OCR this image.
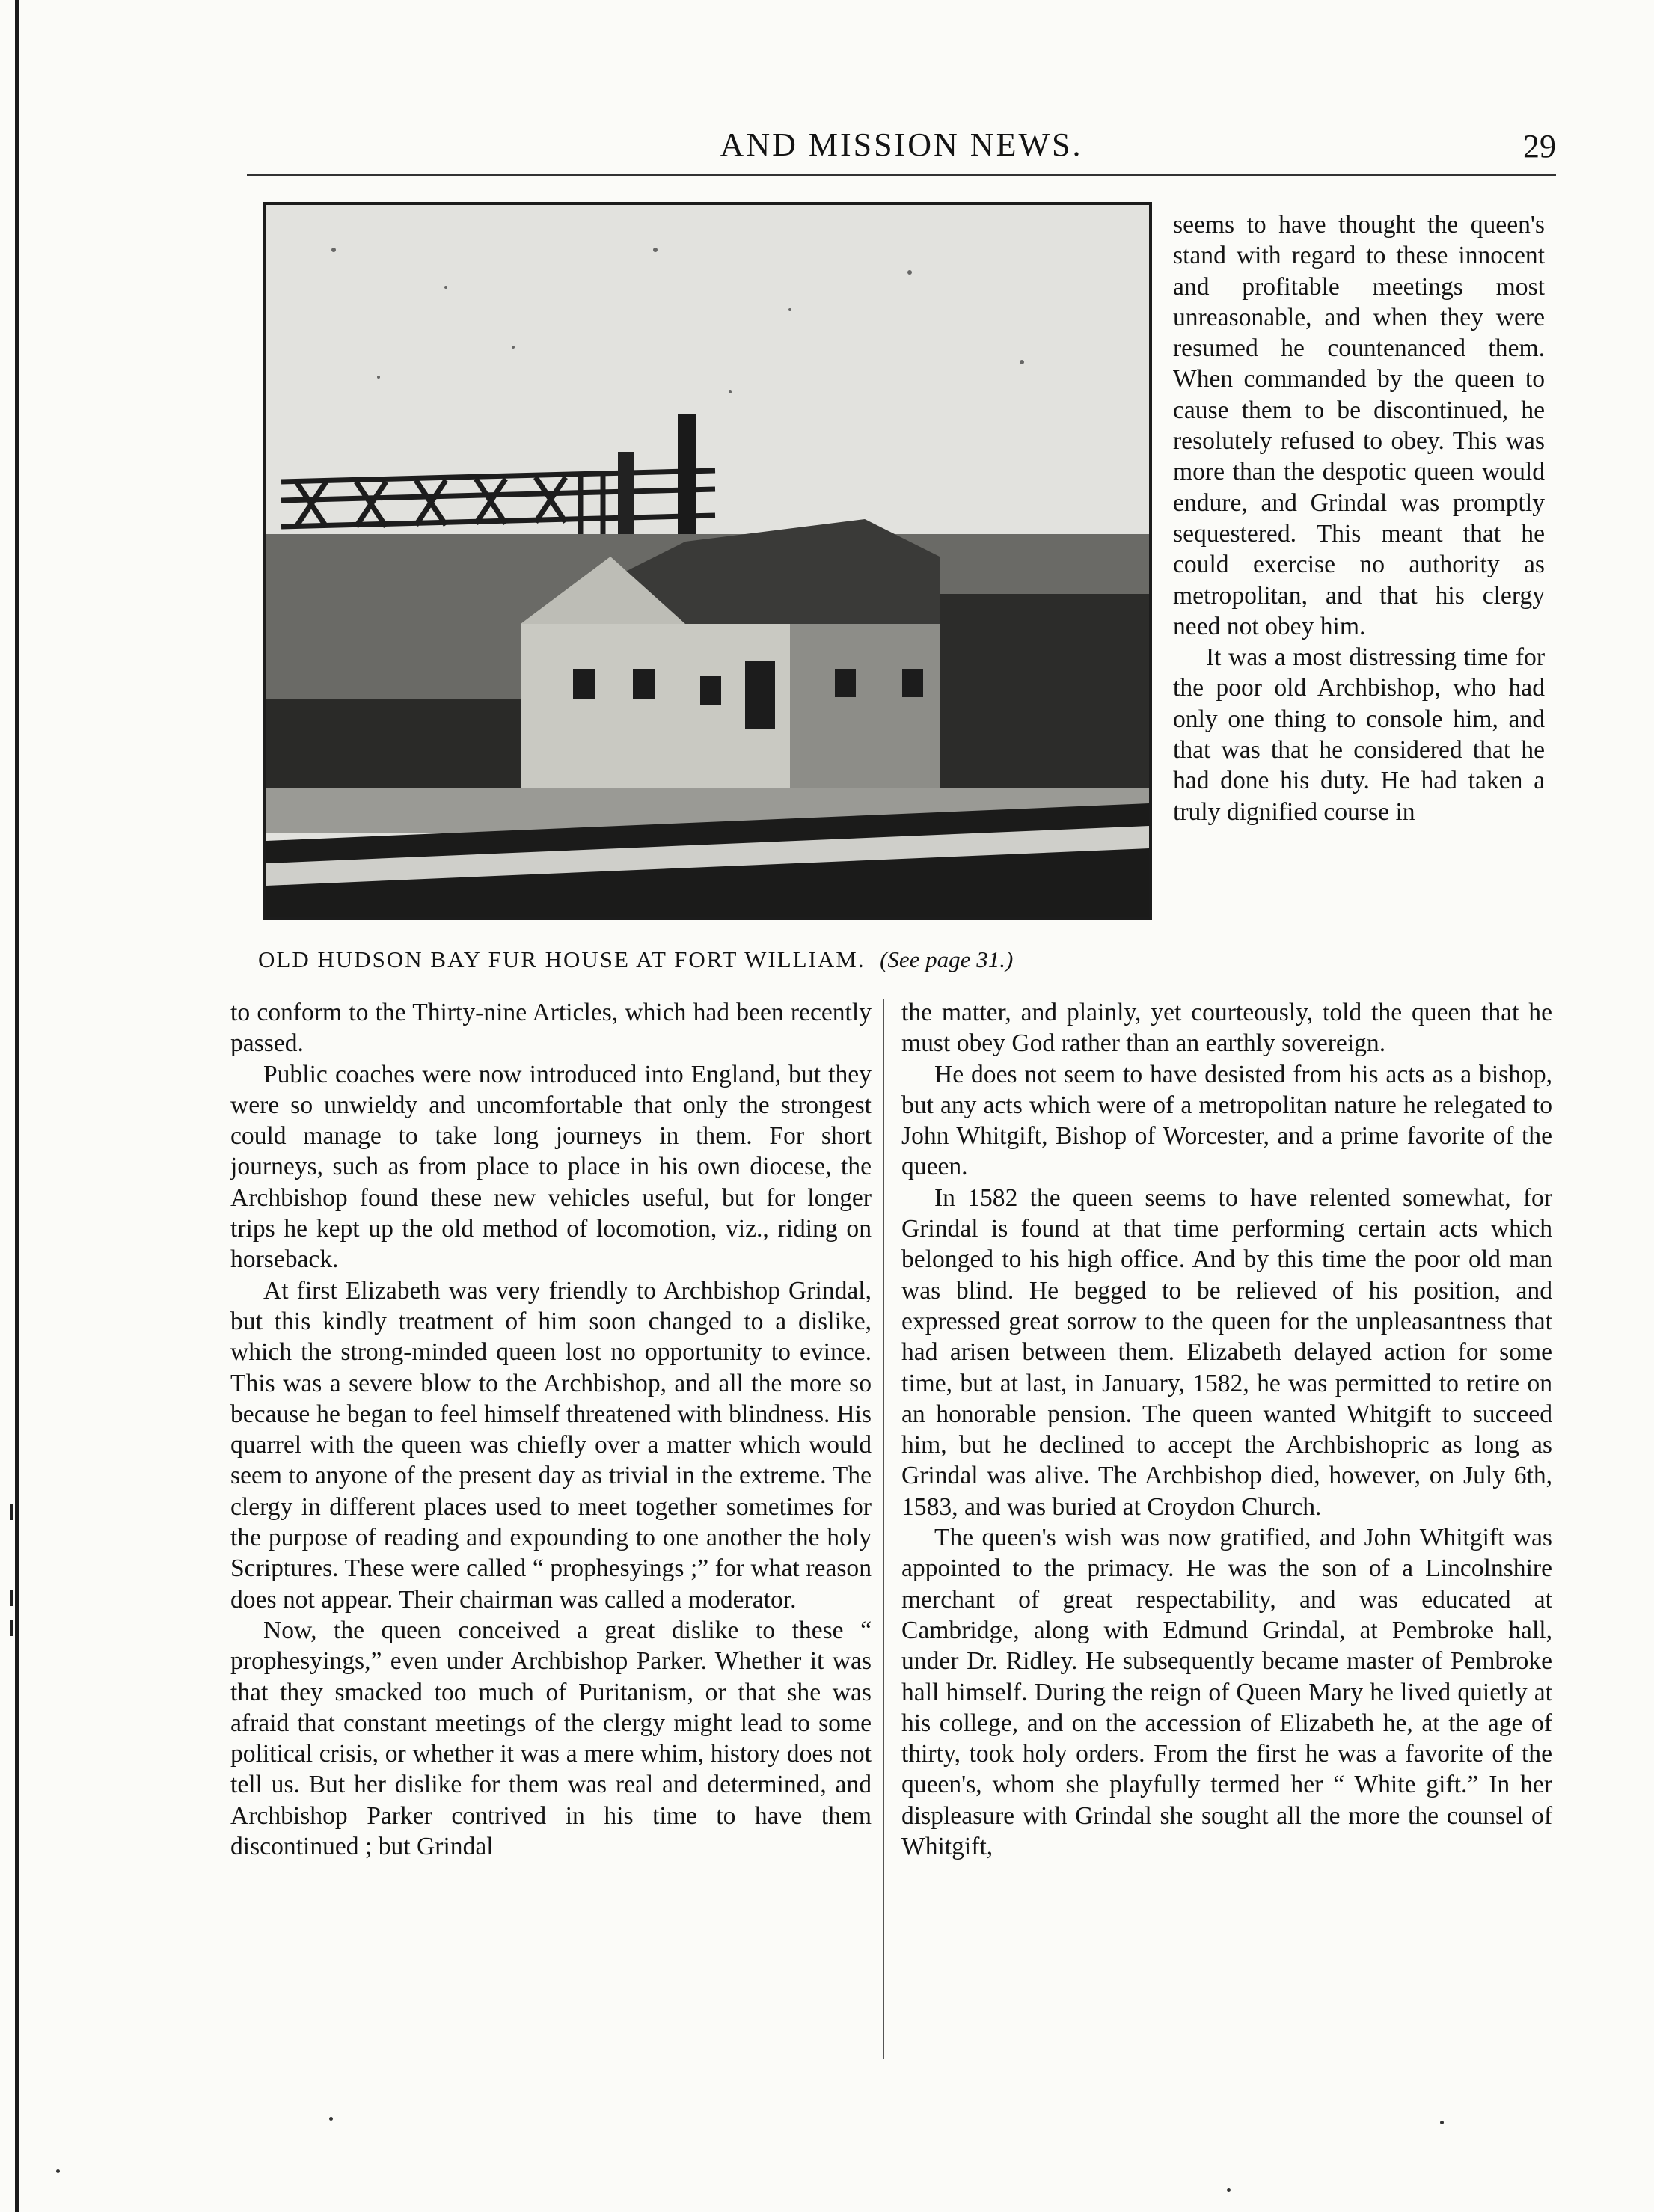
AND MISSION NEWS.	29
OLD HUDSON BAY FUR HOUSE AT FORT WILLIAM. (See page 31.)

seems to have thought the queen's stand with regard to these innocent and profitable meetings most unreasonable, and when they were resumed he countenanced them. When commanded by the queen to cause them to be discontinued, he resolutely refused to obey. This was more than the despotic queen would endure, and Grindal was promptly sequestered. This meant that he could exercise no authority as metropolitan, and that his clergy need not obey him.

It was a most distressing time for the poor old Archbishop, who had only one thing to console him, and that was that he considered that he had done his duty. He had taken a truly dignified course in

to conform to the Thirty-nine Articles, which had been recently passed.

Public coaches were now introduced into England, but they were so unwieldy and uncomfortable that only the strongest could manage to take long journeys in them. For short journeys, such as from place to place in his own diocese, the Archbishop found these new vehicles useful, but for longer trips he kept up the old method of locomotion, viz., riding on horseback.

At first Elizabeth was very friendly to Archbishop Grindal, but this kindly treatment of him soon changed to a dislike, which the strong-minded queen lost no opportunity to evince. This was a severe blow to the Archbishop, and all the more so because he began to feel himself threatened with blindness. His quarrel with the queen was chiefly over a matter which would seem to anyone of the present day as trivial in the extreme. The clergy in different places used to meet together sometimes for the purpose of reading and expounding to one another the holy Scriptures. These were called “ prophesyings ;” for what reason does not appear. Their chairman was called a moderator.

Now, the queen conceived a great dislike to these “ prophesyings,” even under Archbishop Parker. Whether it was that they smacked too much of Puritanism, or that she was afraid that constant meetings of the clergy might lead to some political crisis, or whether it was a mere whim, history does not tell us. But her dislike for them was real and determined, and Archbishop Parker contrived in his time to have them discontinued ; but Grindal

the matter, and plainly, yet courteously, told the queen that he must obey God rather than an earthly sovereign.

He does not seem to have desisted from his acts as a bishop, but any acts which were of a metropolitan nature he relegated to John Whitgift, Bishop of Worcester, and a prime favorite of the queen.

In 1582 the queen seems to have relented somewhat, for Grindal is found at that time performing certain acts which belonged to his high office. And by this time the poor old man was blind. He begged to be relieved of his position, and expressed great sorrow to the queen for the unpleasantness that had arisen between them. Elizabeth delayed action for some time, but at last, in January, 1582, he was permitted to retire on an honorable pension. The queen wanted Whitgift to succeed him, but he declined to accept the Archbishopric as long as Grindal was alive. The Archbishop died, however, on July 6th, 1583, and was buried at Croydon Church.

The queen's wish was now gratified, and John Whitgift was appointed to the primacy. He was the son of a Lincolnshire merchant of great respectability, and was educated at Cambridge, along with Edmund Grindal, at Pembroke hall, under Dr. Ridley. He subsequently became master of Pembroke hall himself. During the reign of Queen Mary he lived quietly at his college, and on the accession of Elizabeth he, at the age of thirty, took holy orders. From the first he was a favorite of the queen's, whom she playfully termed her “ White gift.” In her displeasure with Grindal she sought all the more the counsel of Whitgift,
